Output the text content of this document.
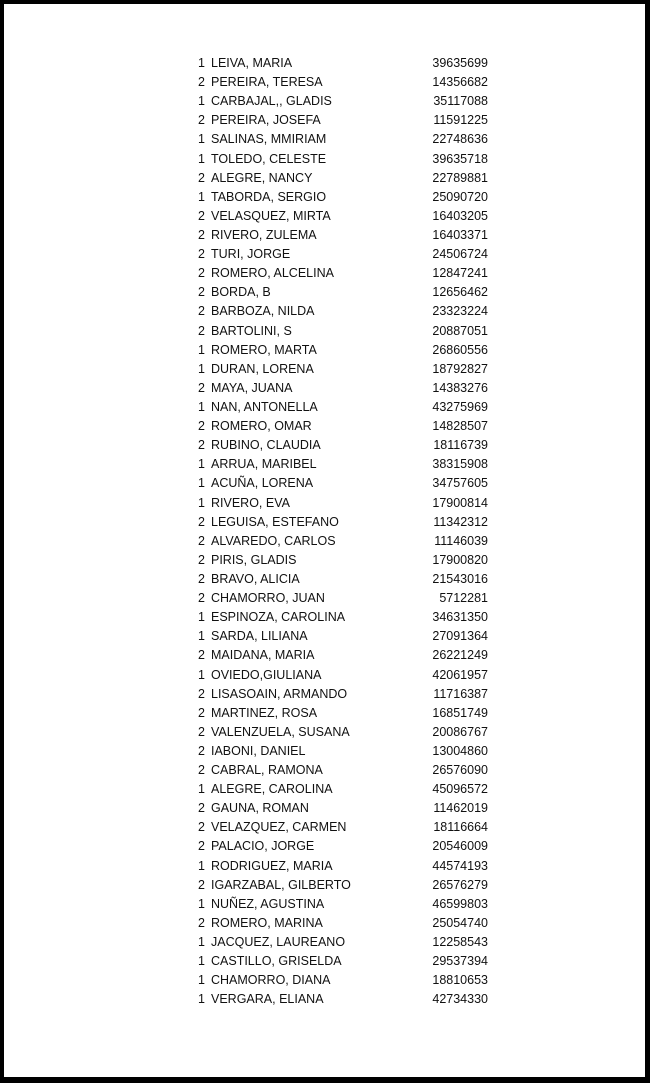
1 LEIVA, MARIA	39635699
2 PEREIRA, TERESA	14356682
1 CARBAJAL,, GLADIS	35117088
2 PEREIRA, JOSEFA	11591225
1 SALINAS, MMIRIAM	22748636
1 TOLEDO, CELESTE	39635718
2 ALEGRE, NANCY	22789881
1 TABORDA, SERGIO	25090720
2 VELASQUEZ, MIRTA	16403205
2 RIVERO, ZULEMA	16403371
2 TURI, JORGE	24506724
2 ROMERO, ALCELINA	12847241
2 BORDA, B	12656462
2 BARBOZA, NILDA	23323224
2 BARTOLINI, S	20887051
1 ROMERO, MARTA	26860556
1 DURAN, LORENA	18792827
2 MAYA, JUANA	14383276
1 NAN, ANTONELLA	43275969
2 ROMERO, OMAR	14828507
2 RUBINO, CLAUDIA	18116739
1 ARRUA, MARIBEL	38315908
1 ACUÑA, LORENA	34757605
1 RIVERO, EVA	17900814
2 LEGUISA, ESTEFANO	11342312
2 ALVAREDO, CARLOS	11146039
2 PIRIS, GLADIS	17900820
2 BRAVO, ALICIA	21543016
2 CHAMORRO, JUAN	5712281
1 ESPINOZA, CAROLINA	34631350
1 SARDA, LILIANA	27091364
2 MAIDANA, MARIA	26221249
1 OVIEDO,GIULIANA	42061957
2 LISASOAIN, ARMANDO	11716387
2 MARTINEZ, ROSA	16851749
2 VALENZUELA, SUSANA	20086767
2 IABONI, DANIEL	13004860
2 CABRAL, RAMONA	26576090
1 ALEGRE, CAROLINA	45096572
2 GAUNA, ROMAN	11462019
2 VELAZQUEZ, CARMEN	18116664
2 PALACIO, JORGE	20546009
1 RODRIGUEZ, MARIA	44574193
2 IGARZABAL, GILBERTO	26576279
1 NUÑEZ, AGUSTINA	46599803
2 ROMERO, MARINA	25054740
1 JACQUEZ, LAUREANO	12258543
1 CASTILLO, GRISELDA	29537394
1 CHAMORRO, DIANA	18810653
1 VERGARA, ELIANA	42734330
